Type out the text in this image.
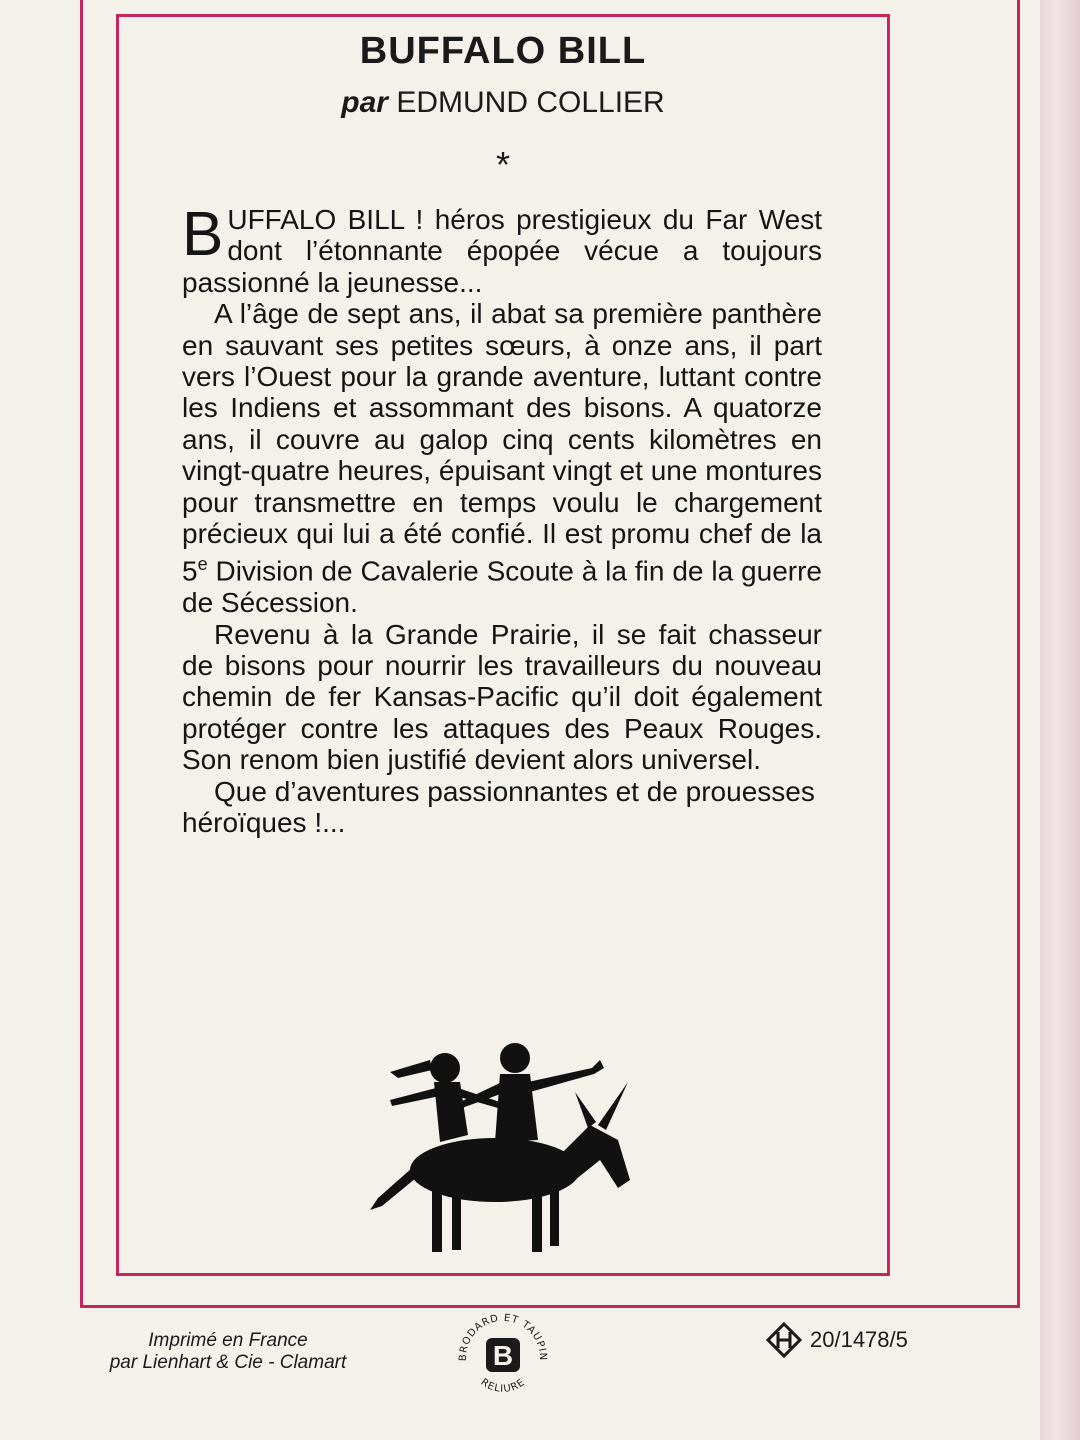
BUFFALO BILL
par EDMUND COLLIER
*

BUFFALO BILL ! héros prestigieux du Far West dont l’étonnante épopée vécue a toujours passionné la jeunesse...

A l’âge de sept ans, il abat sa première panthère en sauvant ses petites sœurs, à onze ans, il part vers l’Ouest pour la grande aventure, luttant contre les Indiens et assommant des bisons. A quatorze ans, il couvre au galop cinq cents kilomètres en vingt-quatre heures, épuisant vingt et une montures pour transmettre en temps voulu le chargement précieux qui lui a été confié. Il est promu chef de la 5e Division de Cavalerie Scoute à la fin de la guerre de Sécession.

Revenu à la Grande Prairie, il se fait chasseur de bisons pour nourrir les travailleurs du nouveau chemin de fer Kansas-Pacific qu’il doit également protéger contre les attaques des Peaux Rouges. Son renom bien justifié devient alors universel.

Que d’aventures passionnantes et de prouesses héroïques !...

Imprimé en France
par Lienhart & Cie - Clamart	BRODARD ET TAUPIN
B
RELIURE
20/1478/5
